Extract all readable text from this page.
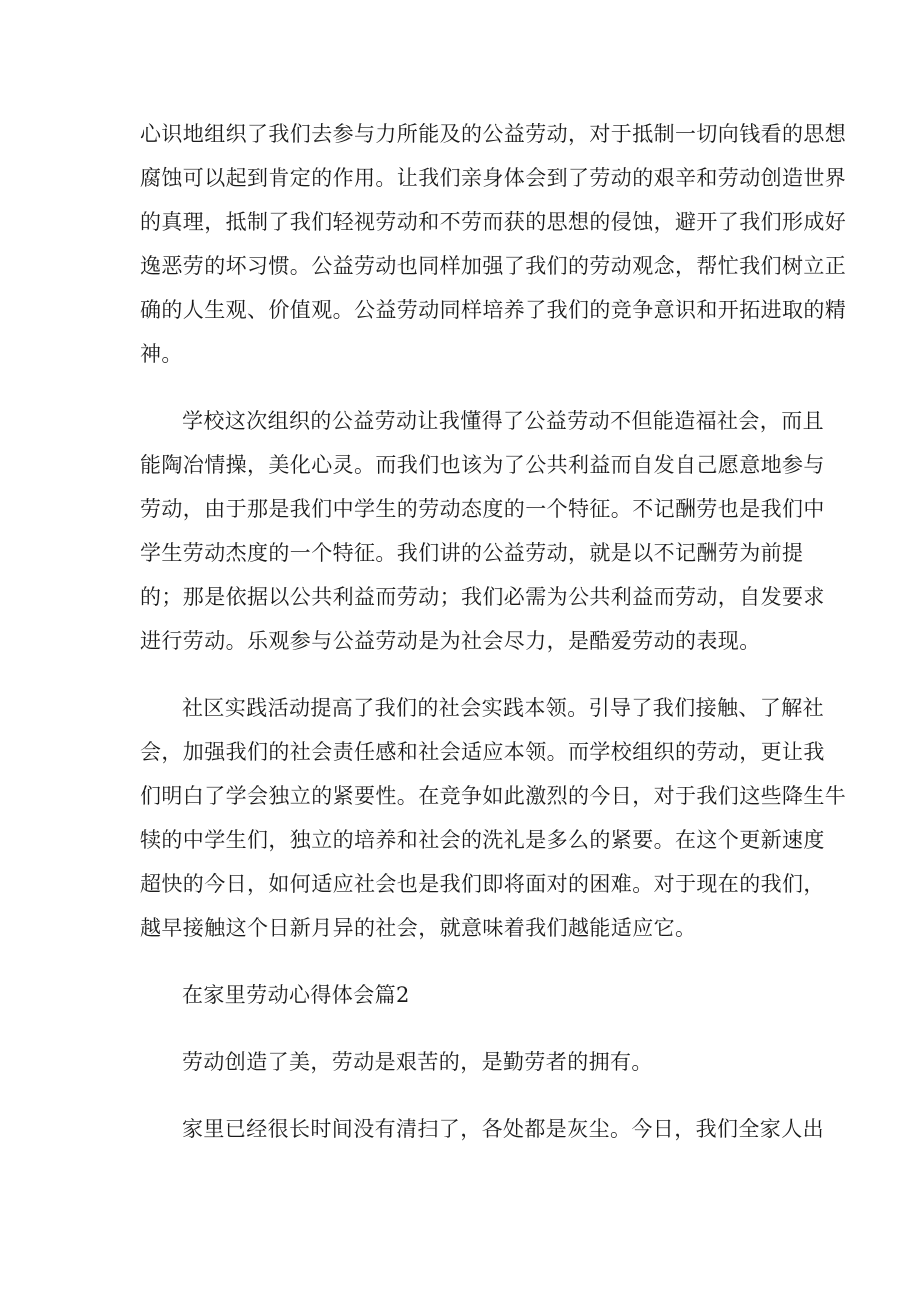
心识地组织了我们去参与力所能及的公益劳动，对于抵制一切向钱看的思想
腐蚀可以起到肯定的作用。让我们亲身体会到了劳动的艰辛和劳动创造世界
的真理，抵制了我们轻视劳动和不劳而获的思想的侵蚀，避开了我们形成好
逸恶劳的坏习惯。公益劳动也同样加强了我们的劳动观念，帮忙我们树立正
确的人生观、价值观。公益劳动同样培养了我们的竞争意识和开拓进取的精
神。
学校这次组织的公益劳动让我懂得了公益劳动不但能造福社会，而且
能陶冶情操，美化心灵。而我们也该为了公共利益而自发自己愿意地参与
劳动，由于那是我们中学生的劳动态度的一个特征。不记酬劳也是我们中
学生劳动杰度的一个特征。我们讲的公益劳动，就是以不记酬劳为前提
的；那是依据以公共利益而劳动；我们必需为公共利益而劳动，自发要求
进行劳动。乐观参与公益劳动是为社会尽力，是酷爱劳动的表现。
社区实践活动提高了我们的社会实践本领。引导了我们接触、了解社
会，加强我们的社会责任感和社会适应本领。而学校组织的劳动，更让我
们明白了学会独立的紧要性。在竞争如此激烈的今日，对于我们这些降生牛
犊的中学生们，独立的培养和社会的洗礼是多么的紧要。在这个更新速度
超快的今日，如何适应社会也是我们即将面对的困难。对于现在的我们，
越早接触这个日新月异的社会，就意味着我们越能适应它。
在家里劳动心得体会篇2
劳动创造了美，劳动是艰苦的，是勤劳者的拥有。
家里已经很长时间没有清扫了，各处都是灰尘。今日，我们全家人出
